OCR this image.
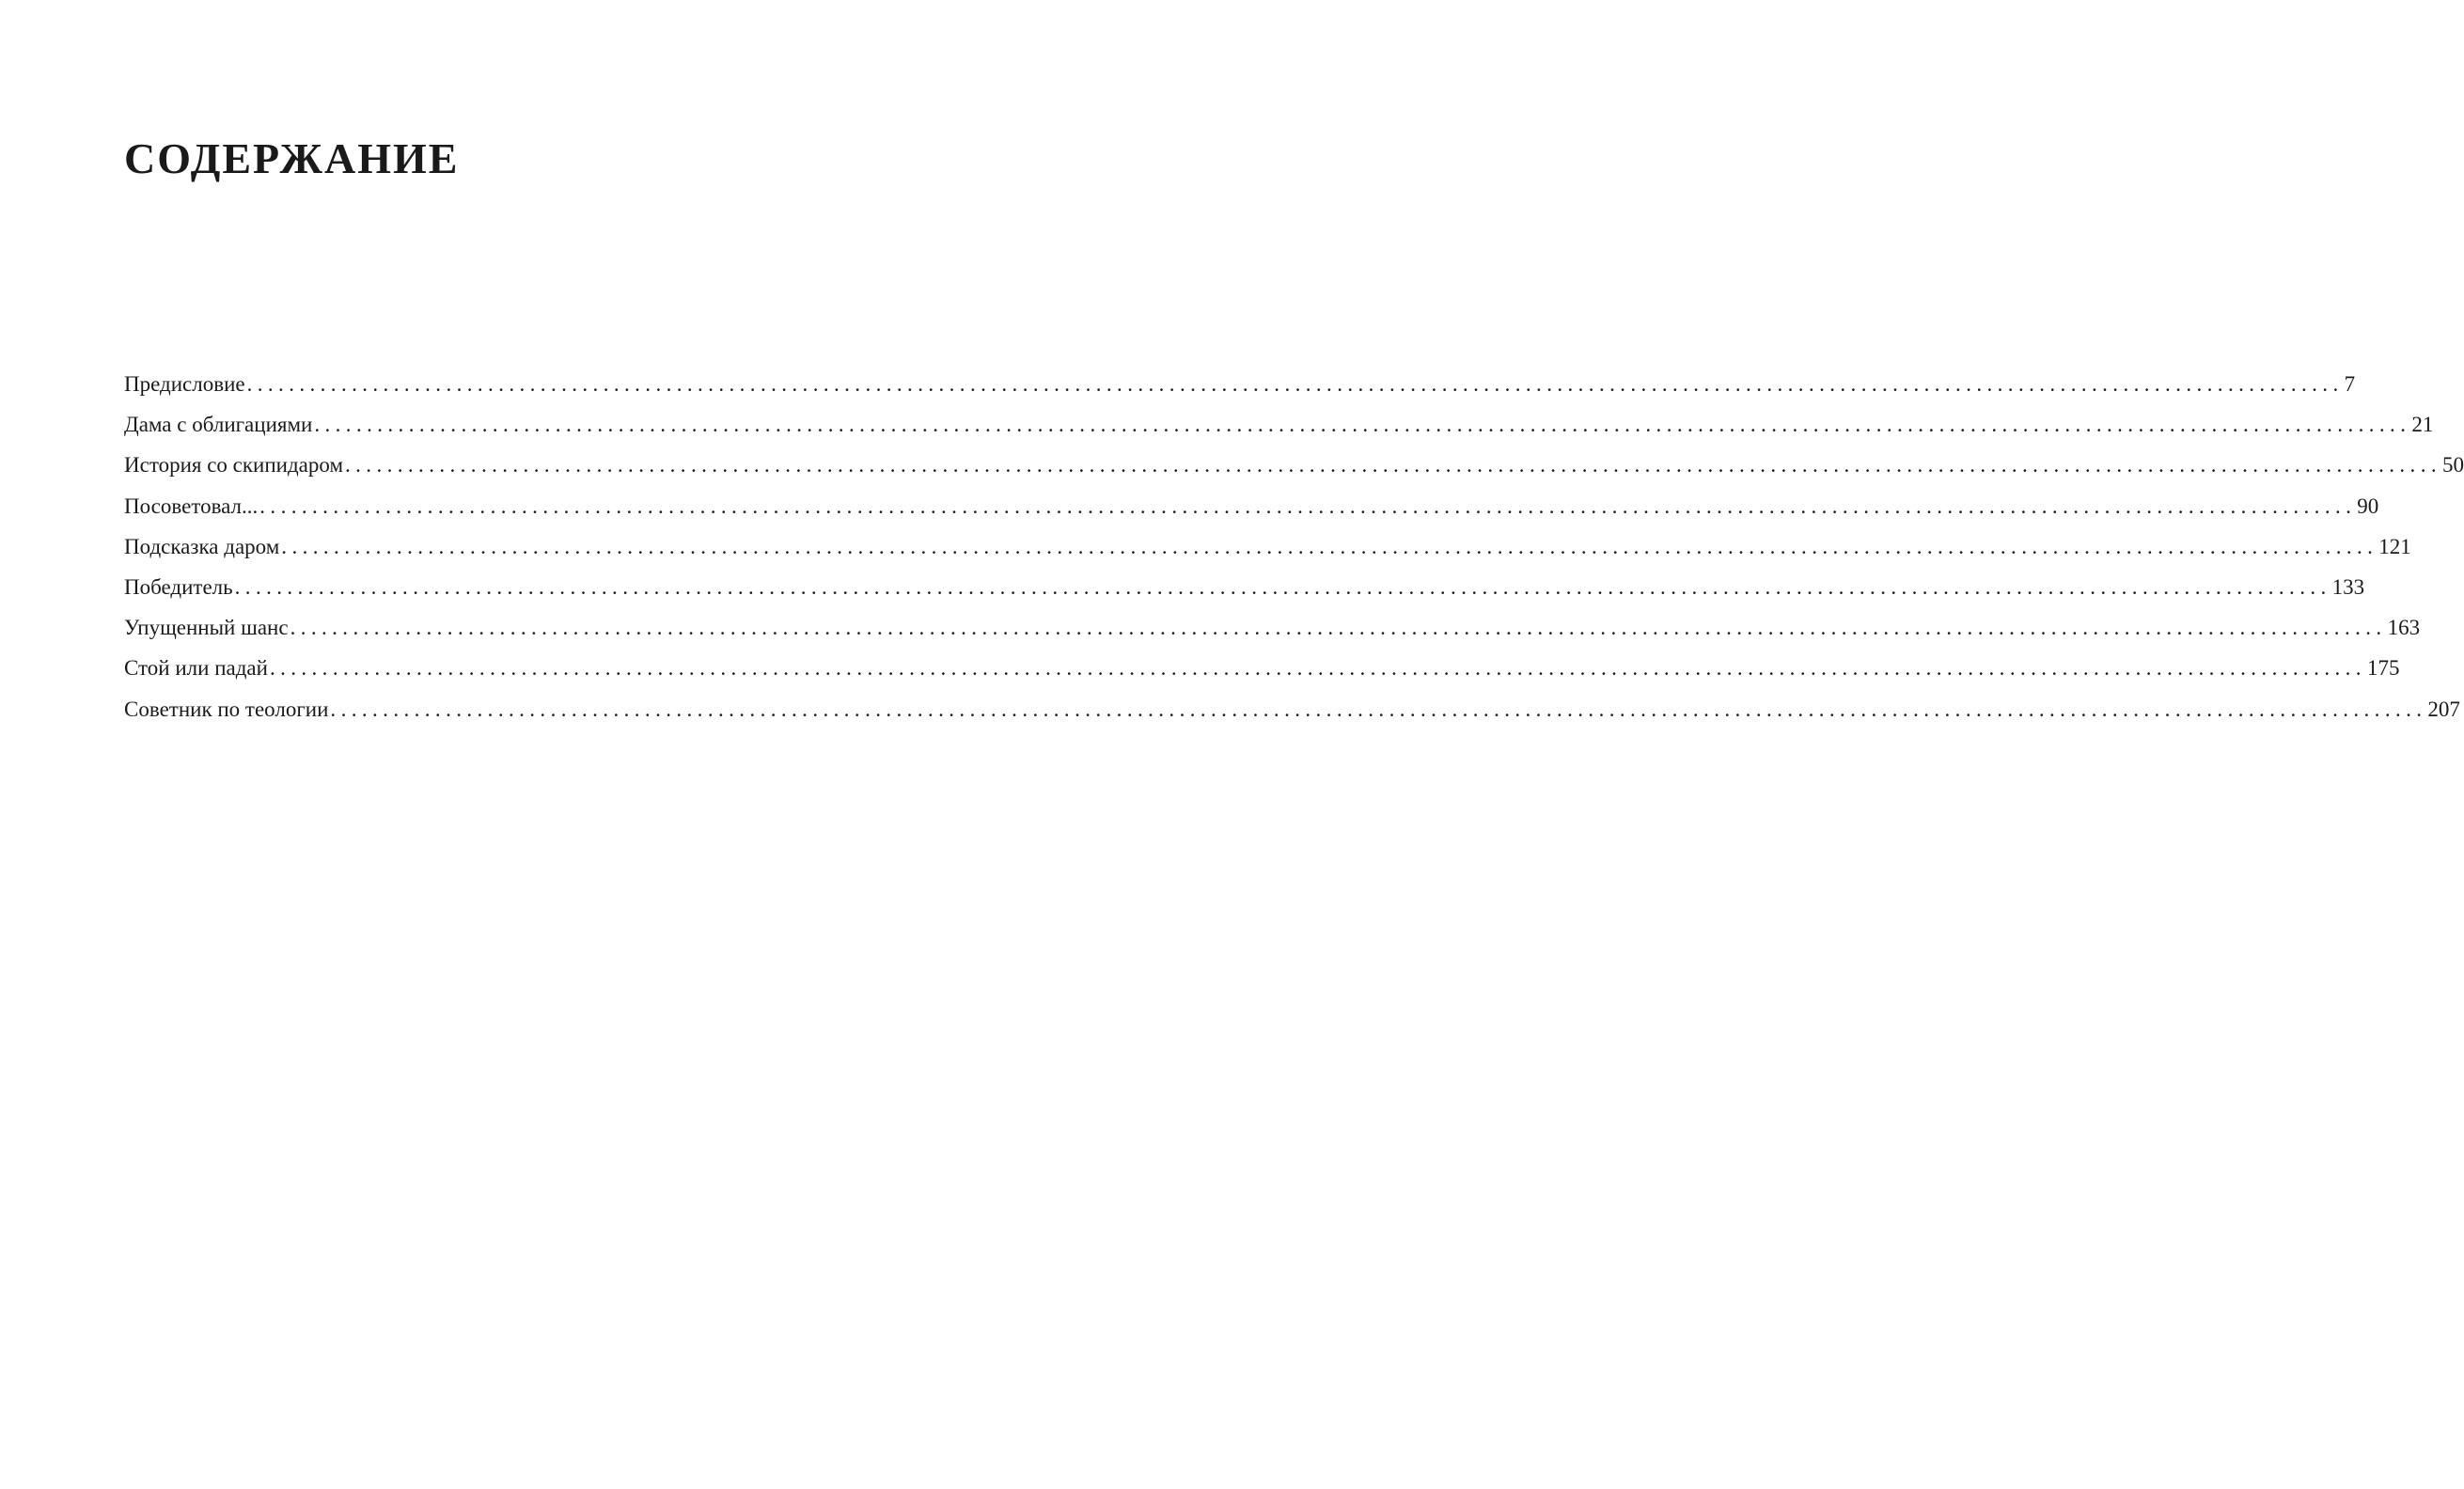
СОДЕРЖАНИЕ
Предисловие ........................................................................................................................................................................................................ 7
Дама с облигациями ........................................................................................................................................................................................................ 21
История со скипидаром ........................................................................................................................................................................................................ 50
Посоветовал... ........................................................................................................................................................................................................ 90
Подсказка даром ........................................................................................................................................................................................................ 121
Победитель ........................................................................................................................................................................................................ 133
Упущенный шанс ........................................................................................................................................................................................................ 163
Стой или падай ........................................................................................................................................................................................................ 175
Советник по теологии ........................................................................................................................................................................................................ 207
